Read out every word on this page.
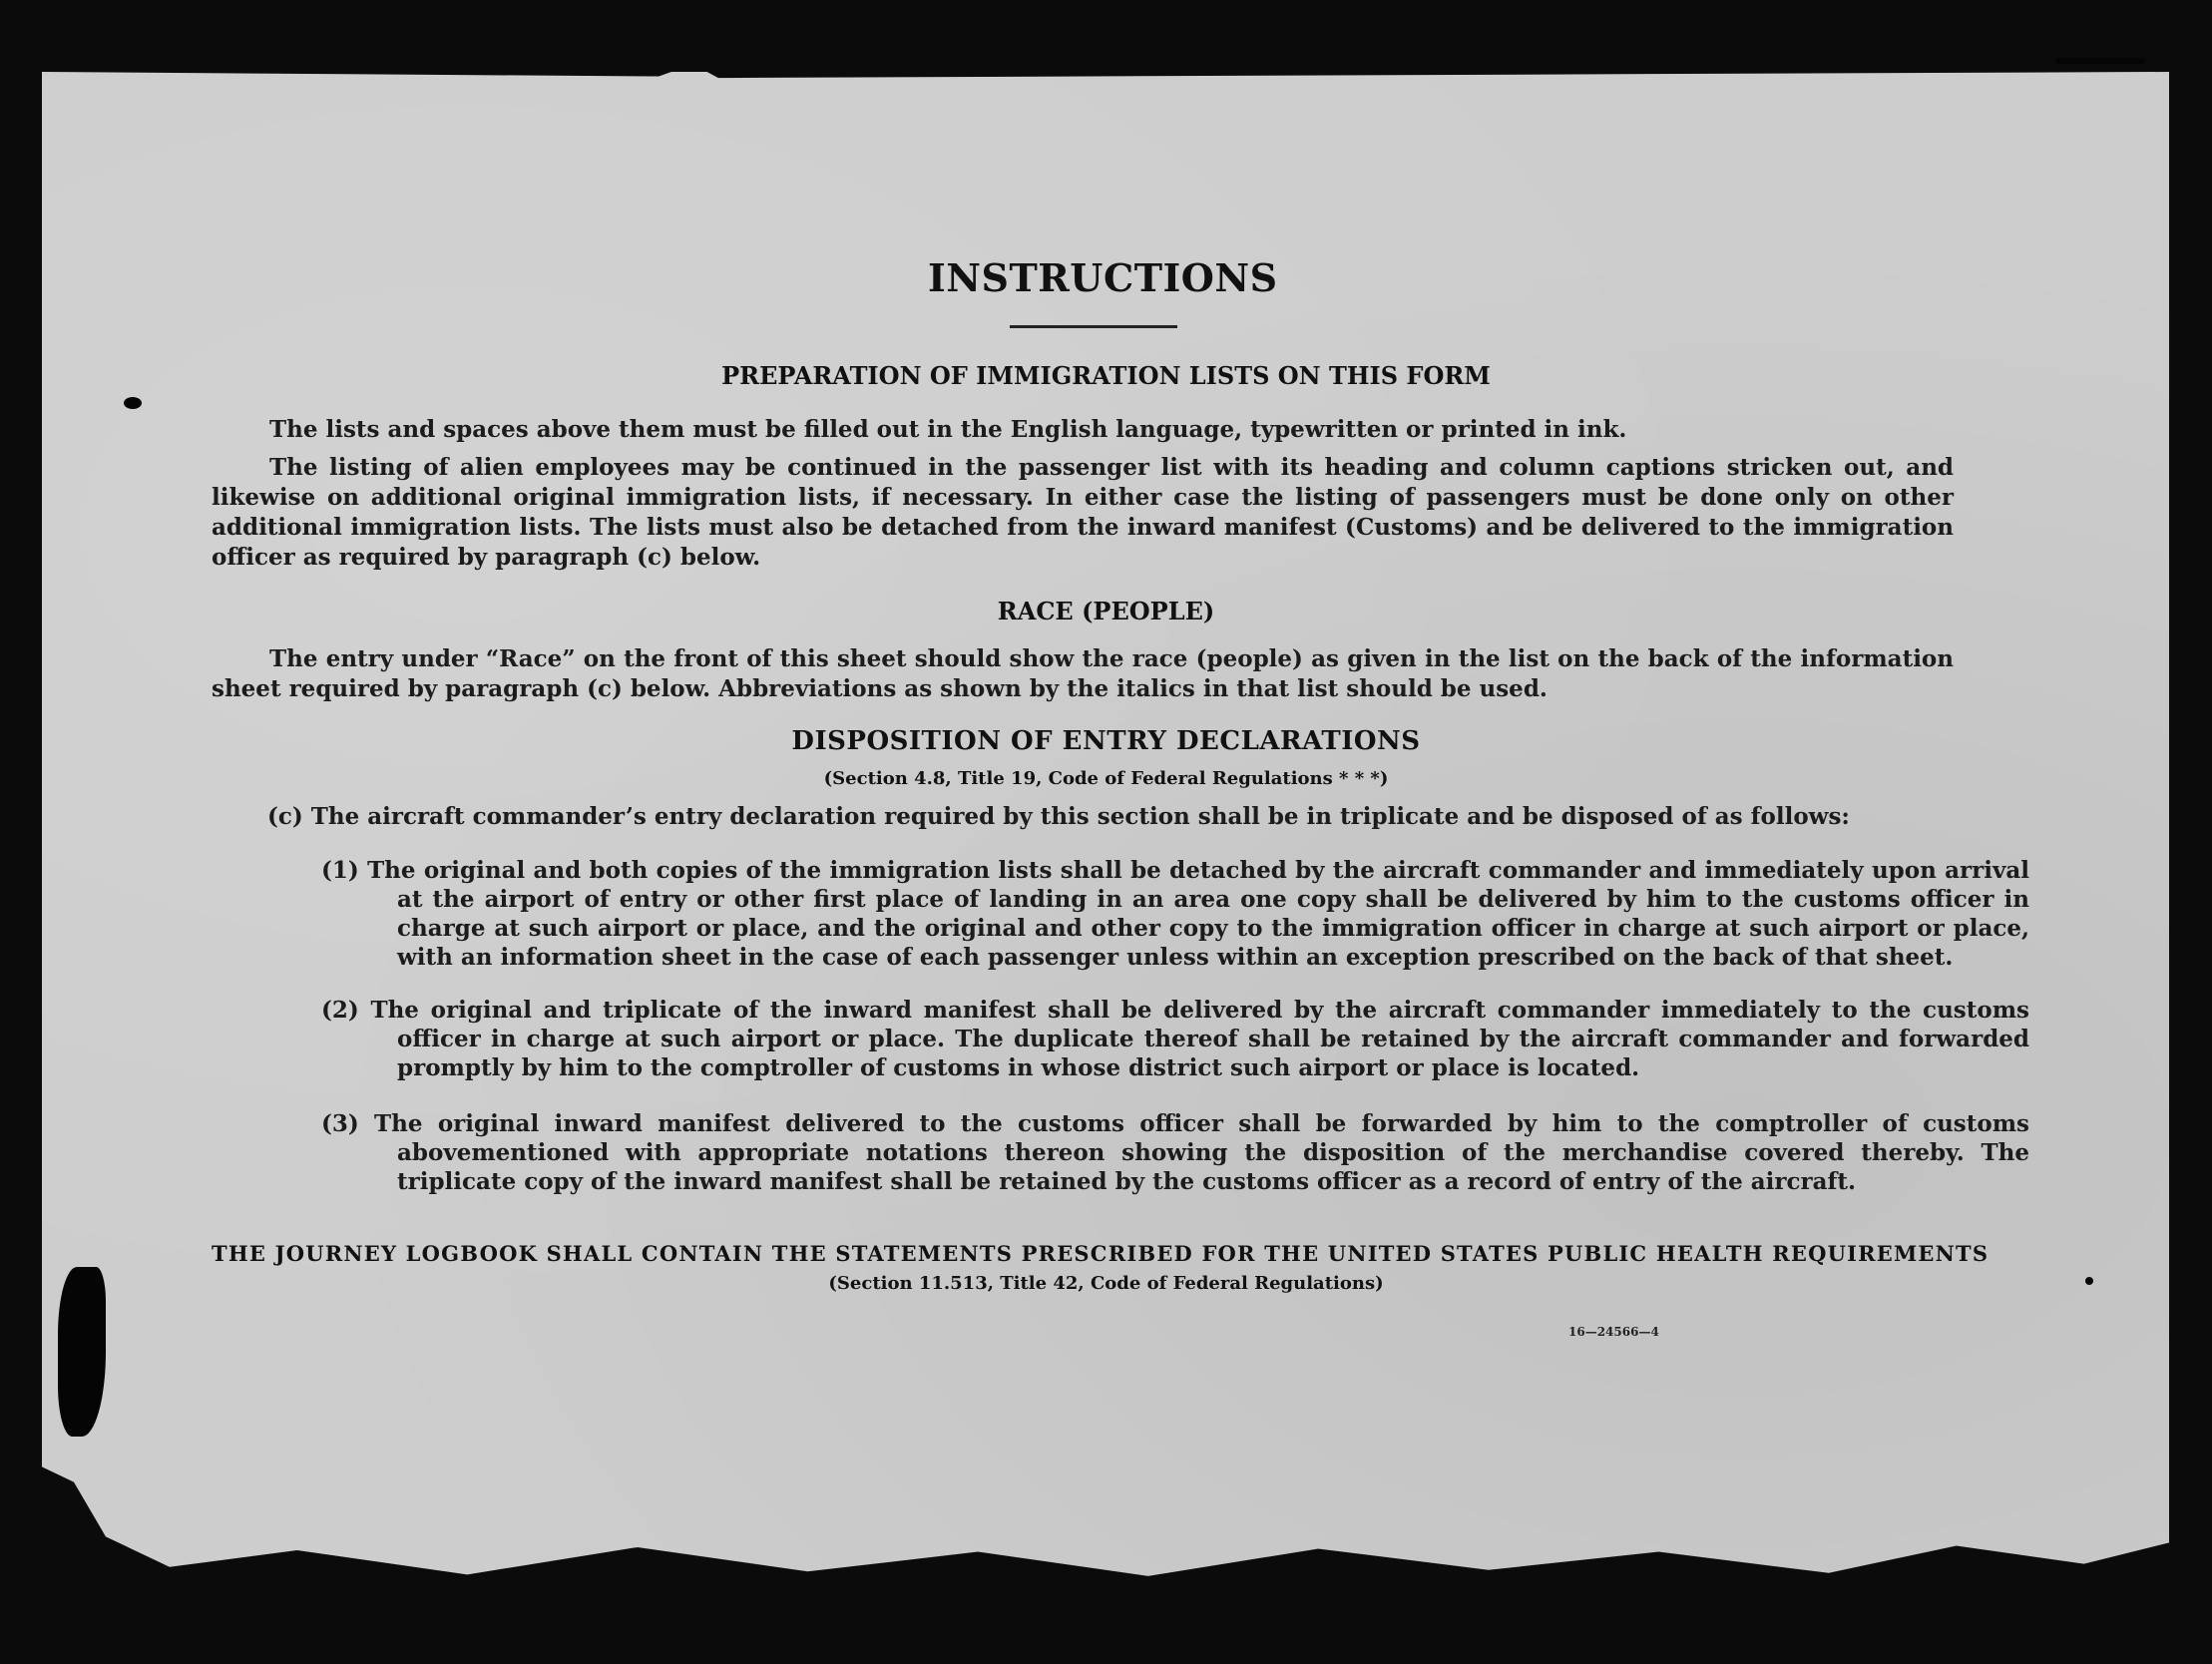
INSTRUCTIONS
PREPARATION OF IMMIGRATION LISTS ON THIS FORM
The lists and spaces above them must be filled out in the English language, typewritten or printed in ink.
The listing of alien employees may be continued in the passenger list with its heading and column captions stricken out, and likewise on additional original immigration lists, if necessary. In either case the listing of passengers must be done only on other additional immigration lists. The lists must also be detached from the inward manifest (Customs) and be delivered to the immigration officer as required by paragraph (c) below.
RACE (PEOPLE)
The entry under “Race” on the front of this sheet should show the race (people) as given in the list on the back of the information sheet required by paragraph (c) below. Abbreviations as shown by the italics in that list should be used.
DISPOSITION OF ENTRY DECLARATIONS
(Section 4.8, Title 19, Code of Federal Regulations * * *)
(c) The aircraft commander’s entry declaration required by this section shall be in triplicate and be disposed of as follows:
(1) The original and both copies of the immigration lists shall be detached by the aircraft commander and immediately upon arrival at the airport of entry or other first place of landing in an area one copy shall be delivered by him to the customs officer in charge at such airport or place, and the original and other copy to the immigration officer in charge at such airport or place, with an information sheet in the case of each passenger unless within an exception prescribed on the back of that sheet.
(2) The original and triplicate of the inward manifest shall be delivered by the aircraft commander immediately to the customs officer in charge at such airport or place. The duplicate thereof shall be retained by the aircraft commander and forwarded promptly by him to the comptroller of customs in whose district such airport or place is located.
(3) The original inward manifest delivered to the customs officer shall be forwarded by him to the comptroller of customs abovementioned with appropriate notations thereon showing the disposition of the merchandise covered thereby. The triplicate copy of the inward manifest shall be retained by the customs officer as a record of entry of the aircraft.
THE JOURNEY LOGBOOK SHALL CONTAIN THE STATEMENTS PRESCRIBED FOR THE UNITED STATES PUBLIC HEALTH REQUIREMENTS
(Section 11.513, Title 42, Code of Federal Regulations)
16—24566—4
